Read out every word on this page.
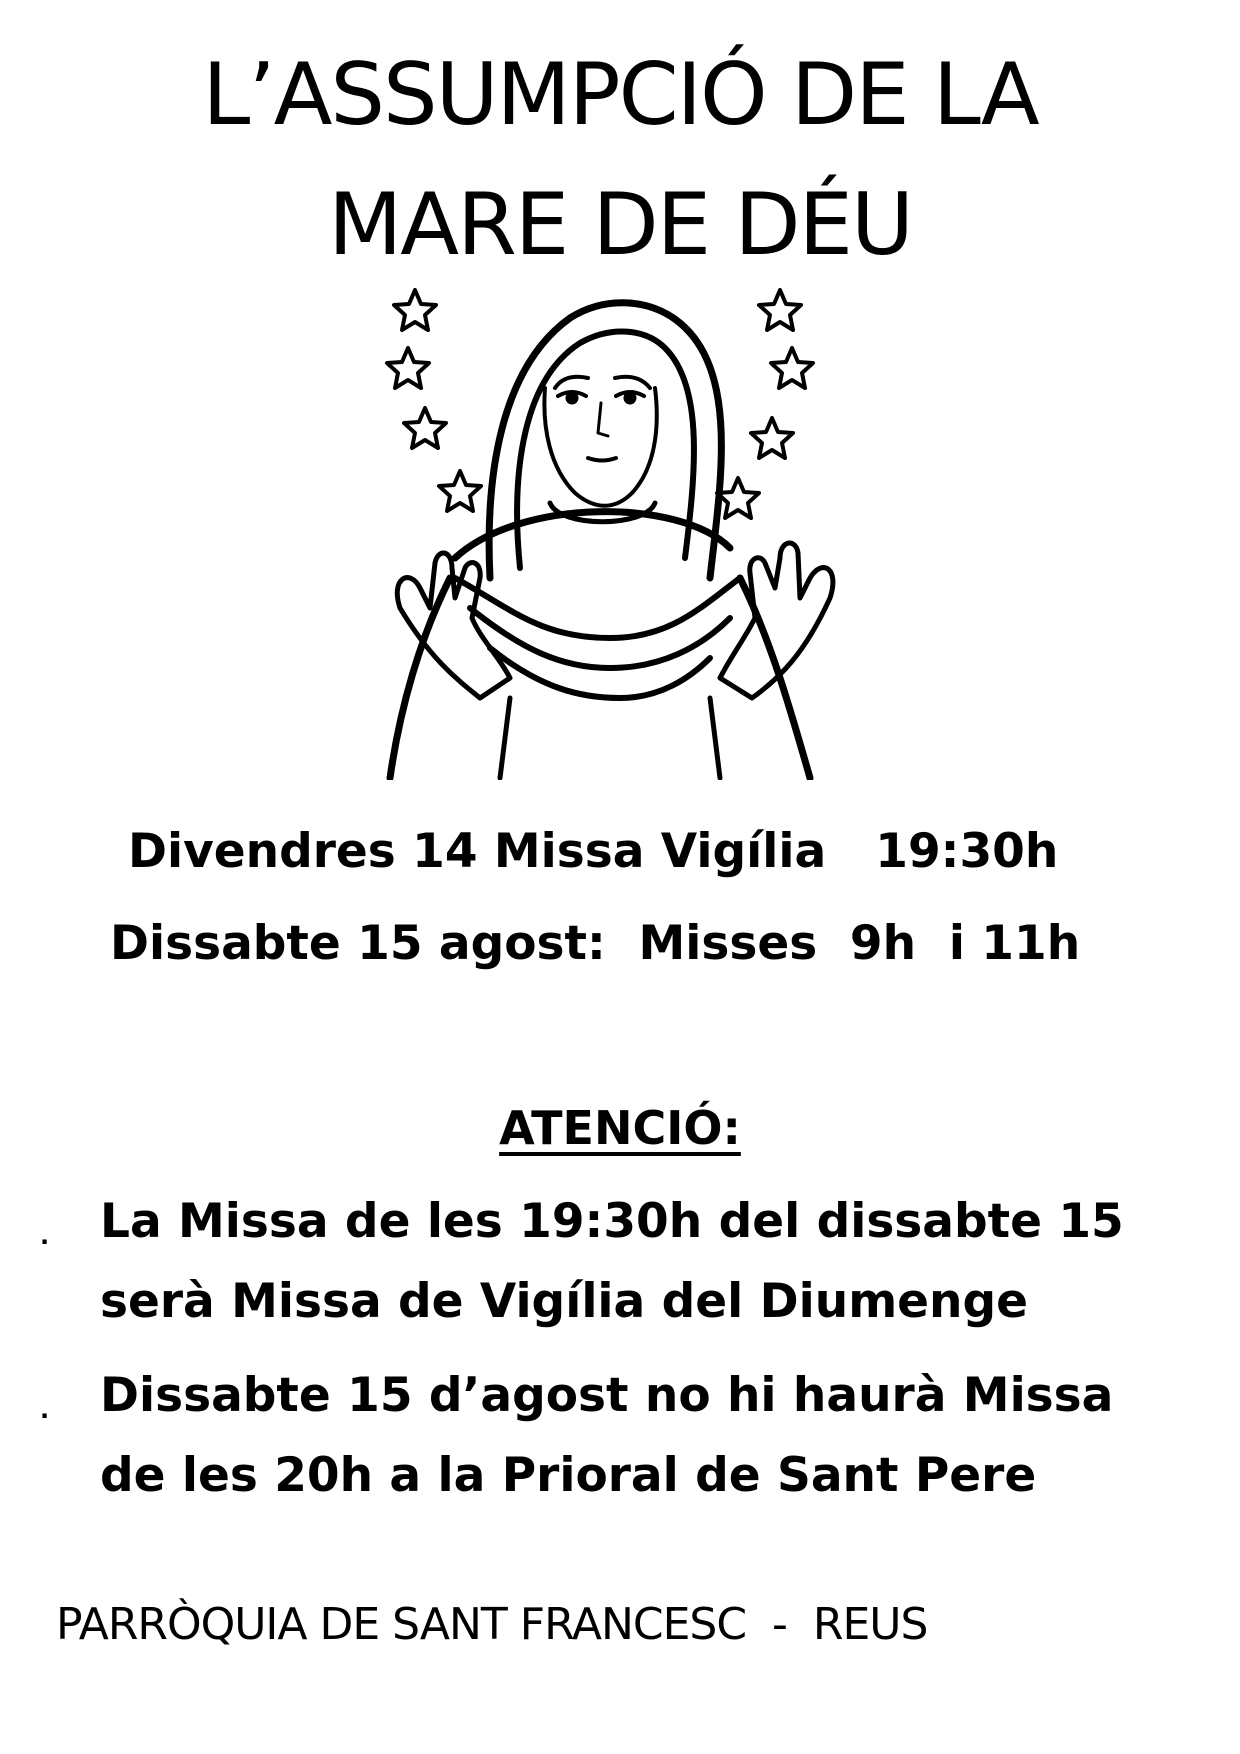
L’ASSUMPCIÓ DE LA
MARE DE DÉU
Divendres 14 Missa Vigília   19:30h
Dissabte 15 agost:  Misses  9h  i 11h
ATENCIÓ:
. La Missa de les 19:30h del dissabte 15
serà Missa de Vigília del Diumenge
. Dissabte 15 d’agost no hi haurà Missa
de les 20h a la Prioral de Sant Pere
PARRÒQUIA DE SANT FRANCESC  -  REUS
